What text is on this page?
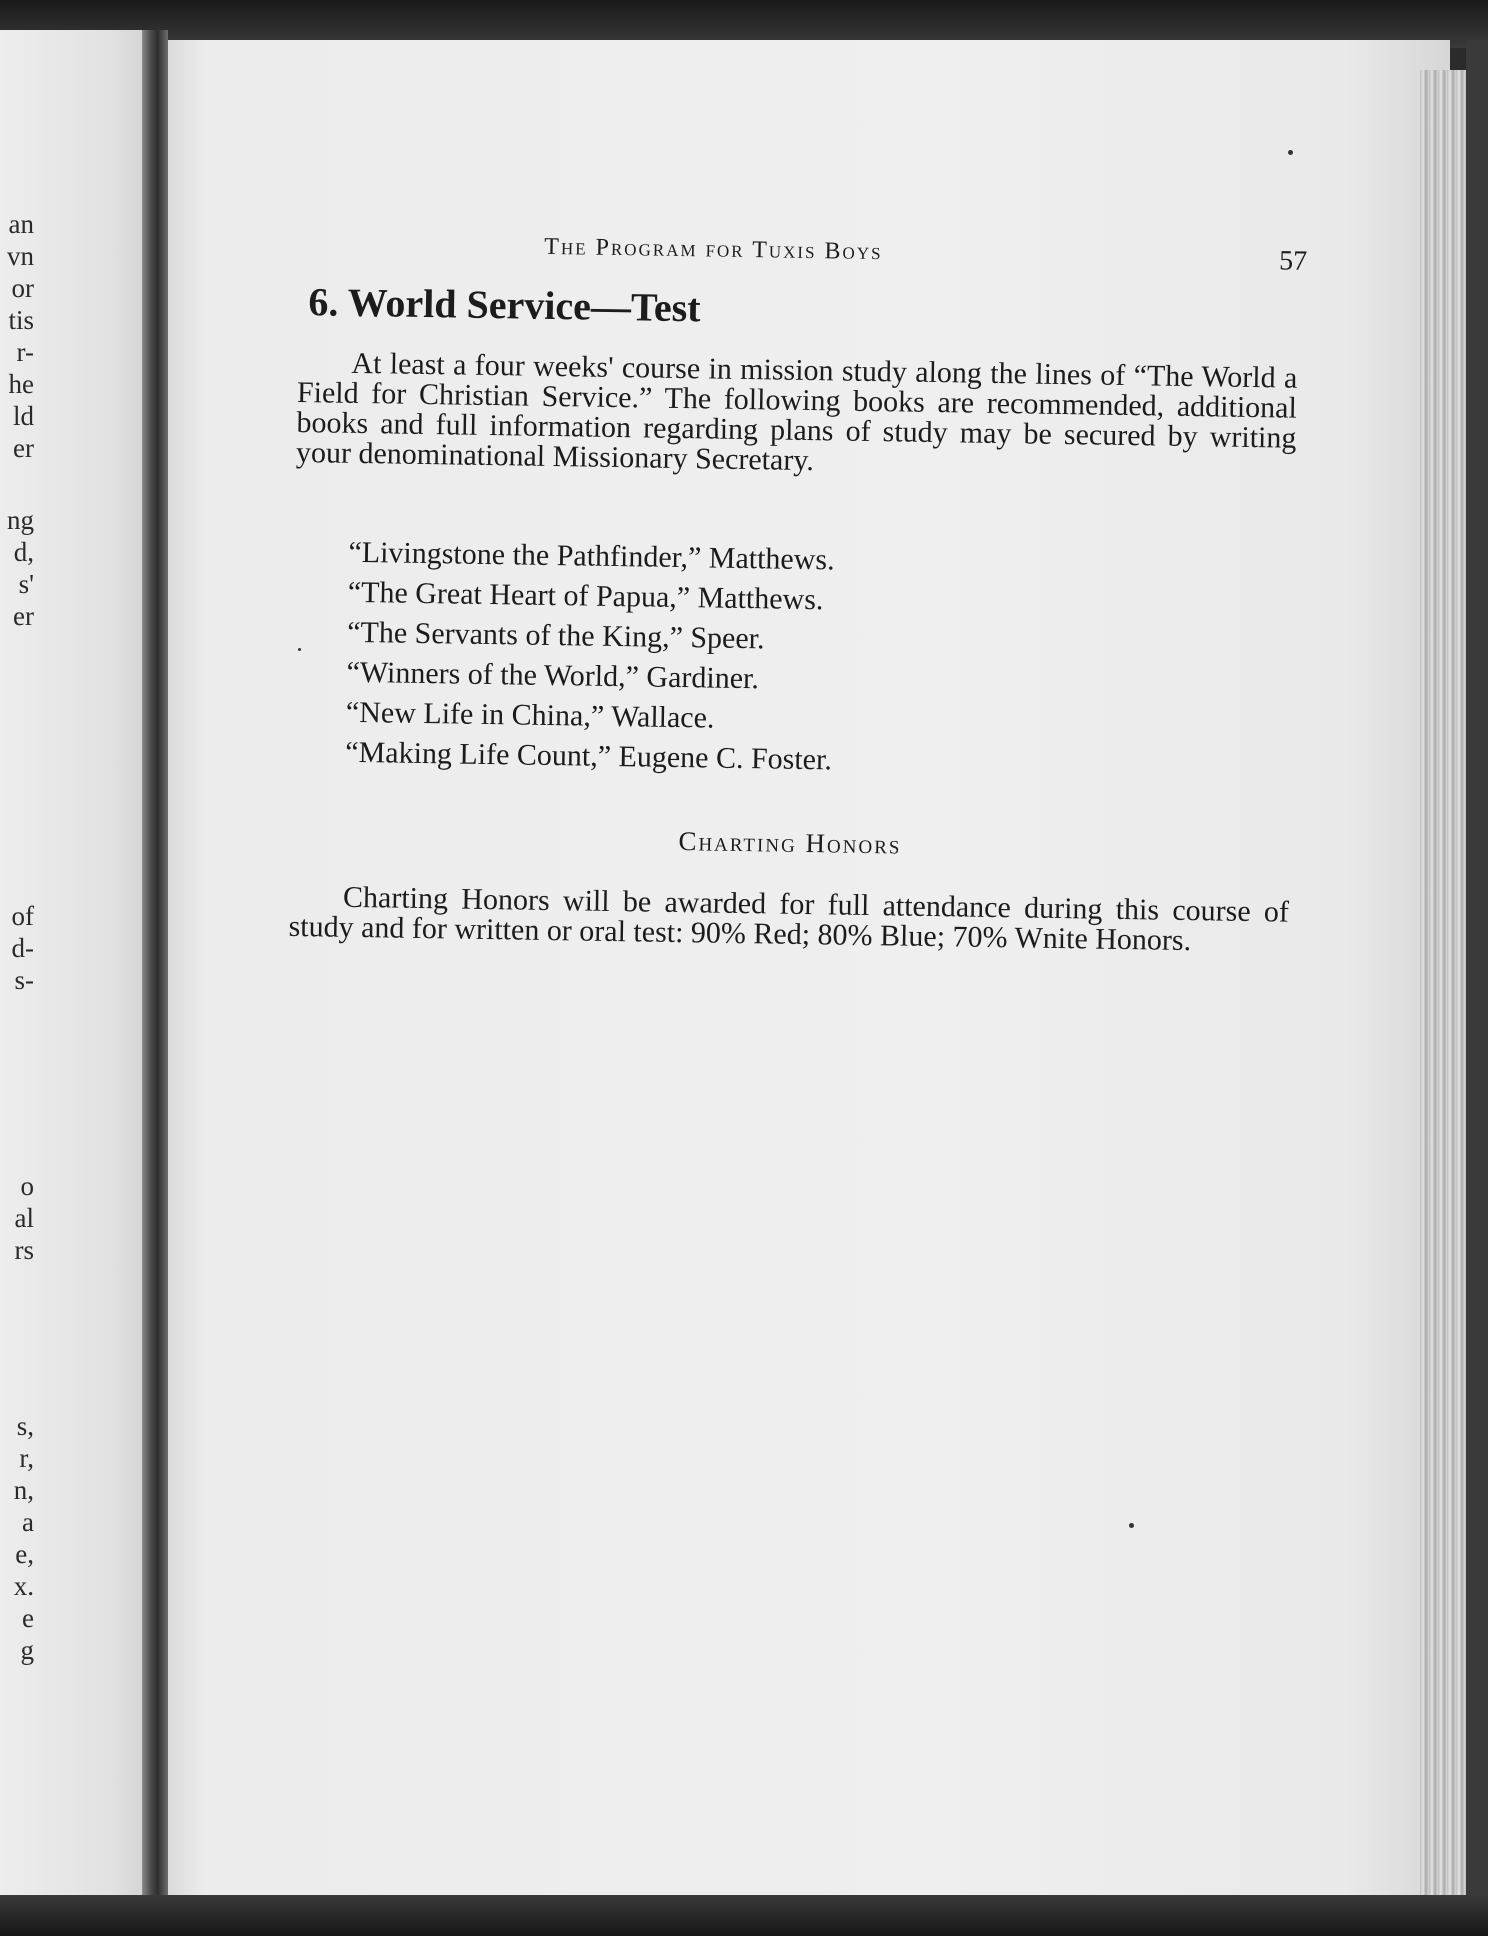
an
vn
or
tis
r-
he
ld
er
ng
d,
s'
er
of
d-
s-
o
al
rs
s,
r,
n,
a
e,
x.
e
g
The Program for Tuxis Boys	57
6. World Service—Test

At least a four weeks' course in mission study along the lines of “The World a Field for Christian Service.” The following books are recommended, additional books and full information regarding plans of study may be secured by writing your denominational Missionary Secretary.

“Livingstone the Pathfinder,” Matthews.
“The Great Heart of Papua,” Matthews.
“The Servants of the King,” Speer.
“Winners of the World,” Gardiner.
“New Life in China,” Wallace.
“Making Life Count,” Eugene C. Foster.
Charting Honors

Charting Honors will be awarded for full attendance during this course of study and for written or oral test: 90% Red; 80% Blue; 70% Wnite Honors.
